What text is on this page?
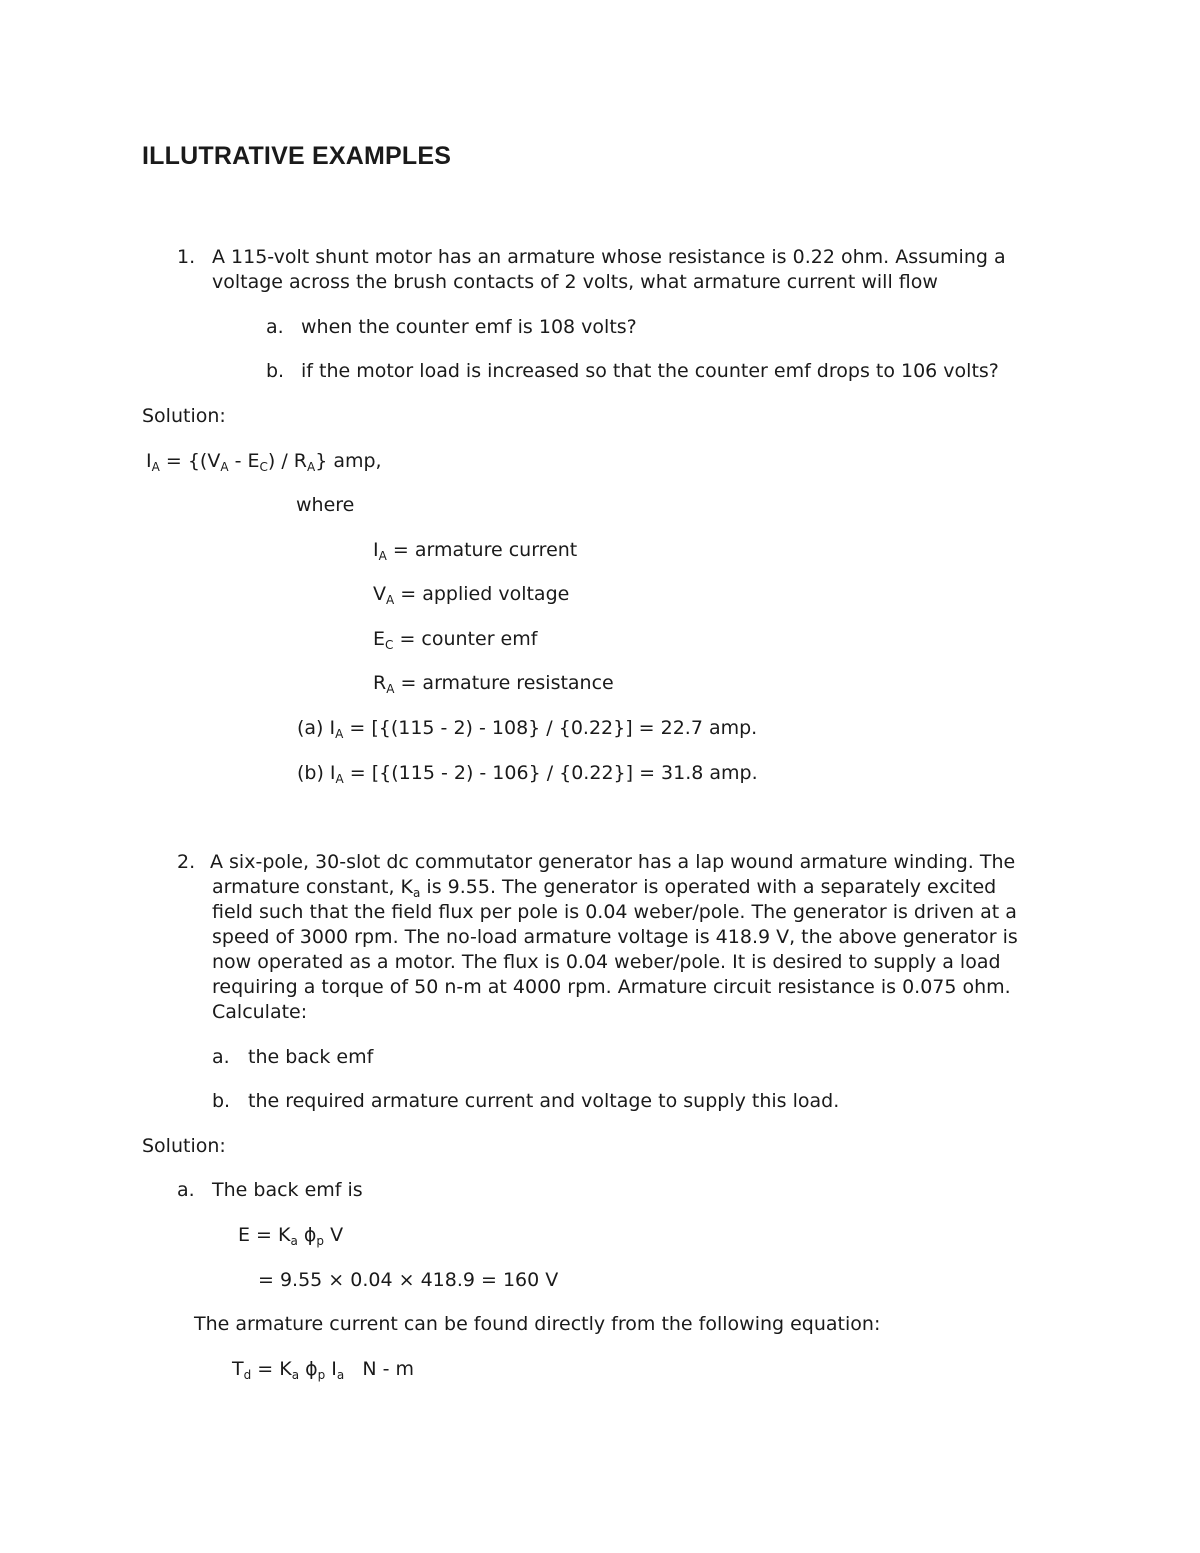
ILLUTRATIVE EXAMPLES
1. A 115-volt shunt motor has an armature whose resistance is 0.22 ohm. Assuming a
voltage across the brush contacts of 2 volts, what armature current will flow
a. when the counter emf is 108 volts?
b. if the motor load is increased so that the counter emf drops to 106 volts?
Solution:
$I_A = \{(V_A - E_C) / R_A\}$ amp,
where
$I_A$ = armature current
$V_A$ = applied voltage
$E_C$ = counter emf
$R_A$ = armature resistance
(a) $I_A = [\{(115 - 2) - 108\} / \{0.22\}] = 22.7$ amp.
(b) $I_A = [\{(115 - 2) - 106\} / \{0.22\}] = 31.8$ amp.
2. A six-pole, 30-slot dc commutator generator has a lap wound armature winding. The
armature constant, $K_a$ is 9.55. The generator is operated with a separately excited
field such that the field flux per pole is 0.04 weber/pole. The generator is driven at a
speed of 3000 rpm. The no-load armature voltage is 418.9 V, the above generator is
now operated as a motor. The flux is 0.04 weber/pole. It is desired to supply a load
requiring a torque of 50 n-m at 4000 rpm. Armature circuit resistance is 0.075 ohm.
Calculate:
a. the back emf
b. the required armature current and voltage to supply this load.
Solution:
a. The back emf is
$E = K_a$ $\phi_p$ V
= 9.55 × 0.04 × 418.9 = 160 V
The armature current can be found directly from the following equation:
$T_d = K_a$ $\phi_p$ $I_a$   N - m
